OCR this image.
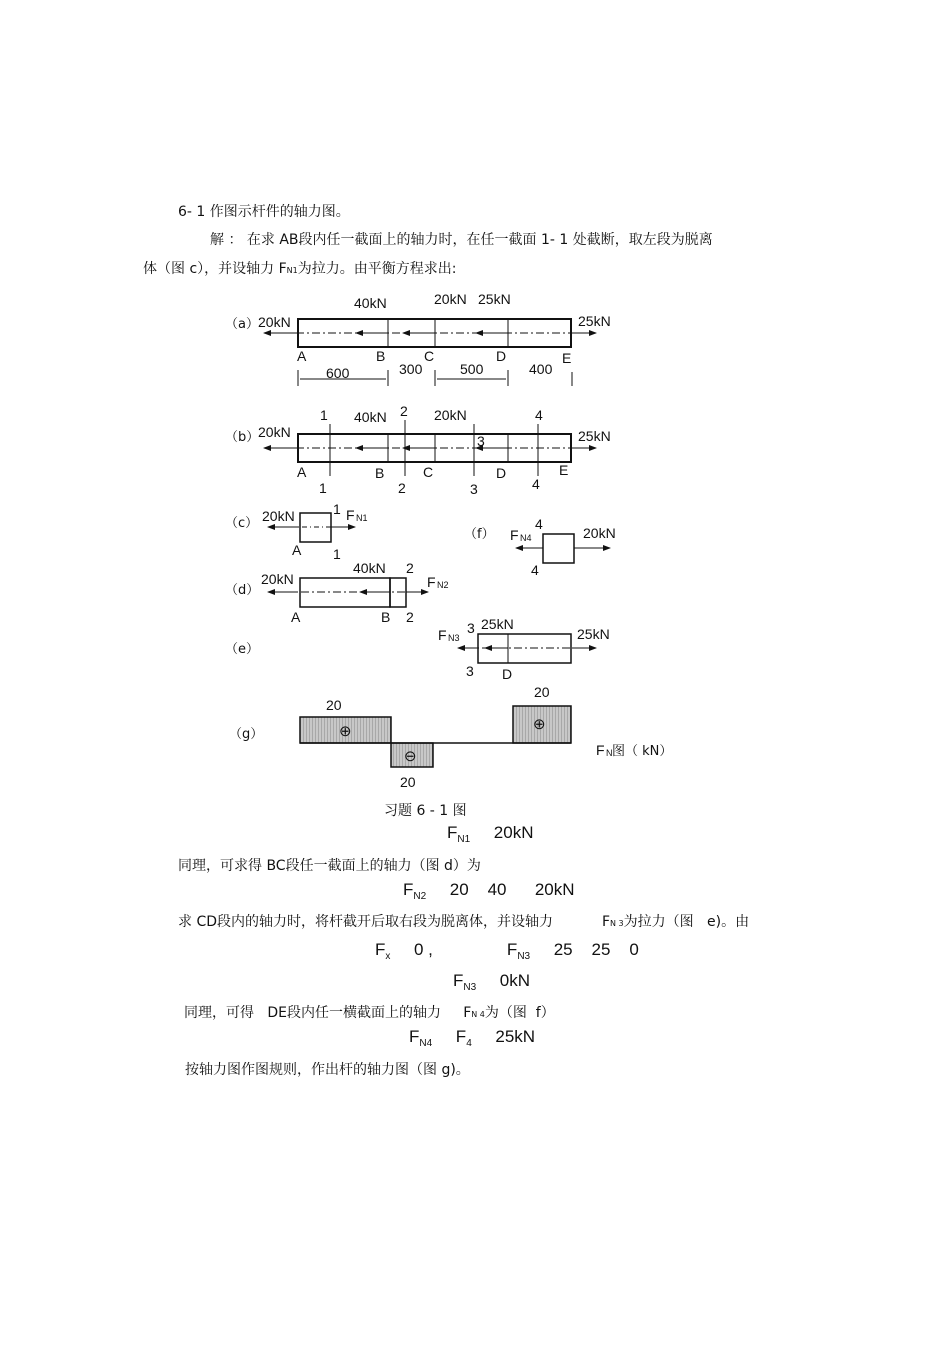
6- 1 作图示杆件的轴力图。
解 ： 在求 AB段内任一截面上的轴力时，在任一截面 1- 1 处截断，取左段为脱离
体（图 c），并设轴力 FN1为拉力。由平衡方程求出:
（a） 20kN
40kN	20kN 25kN
25kN
A	B	C	D	E
600	300	500	400
（b）
20kN
40kN	20kN
25kN
1	2
3
4
A	B	C	D	E
1	2	3	4
（c） 20kN	1 F N1
A 1
（f） F N4
4
4
20kN
（d）
20kN
40kN 2
F N2
A	B 2
（e）
F N3
3 25kN
25kN
3 D
（g）	⊕
⊖
⊕
20
20
20
F N 图（ kN）
习题 6 - 1 图
$F_{N1}$     20kN
同理，可求得 BC段任一截面上的轴力（图 d）为
$F_{N2}$     20    40      20kN
求 CD段内的轴力时，将杆截开后取右段为脱离体，并设轴力           FN 3为拉力（图   e)。由
$F_x$     0 ,	$F_{N3}$     25    25    0
$F_{N3}$     0kN
同理，可得   DE段内任一横截面上的轴力     FN 4为（图  f）
$F_{N4}$     $F_4$     25kN
按轴力图作图规则，作出杆的轴力图（图 g)。
